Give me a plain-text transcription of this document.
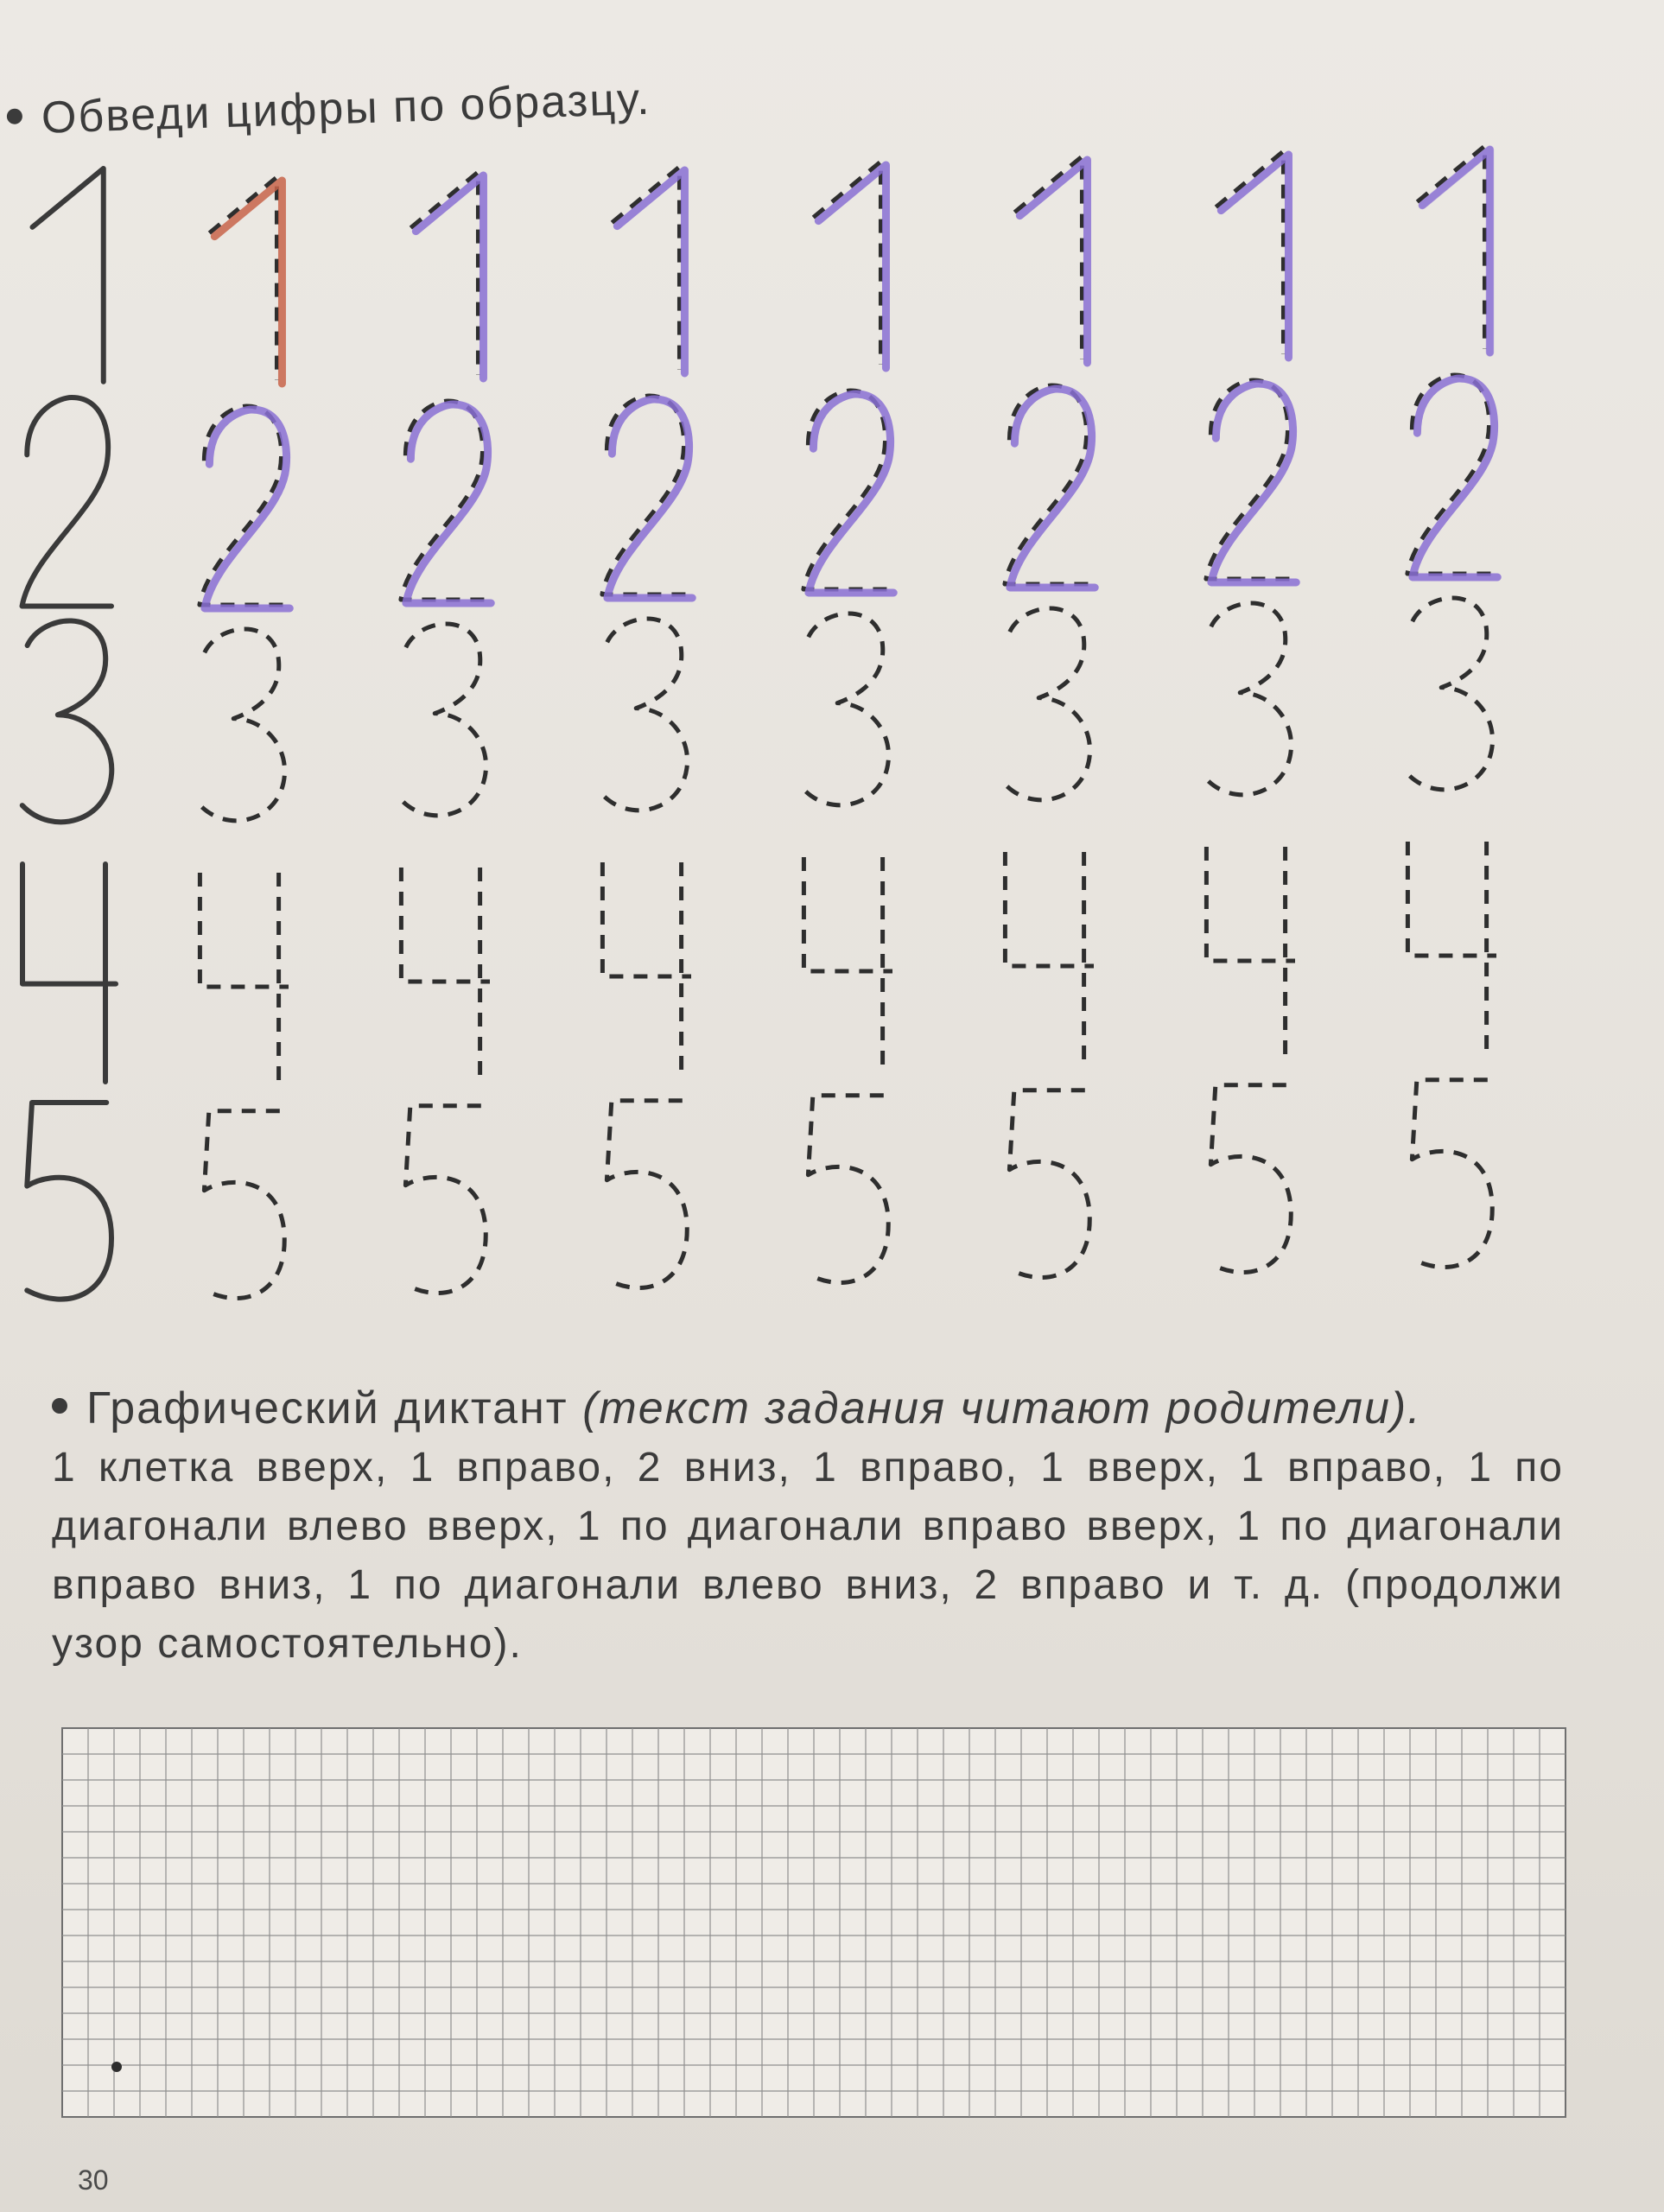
Обведи цифры по образцу.
Графический диктант (текст задания читают родители).
1 клетка вверх, 1 вправо, 2 вниз, 1 вправо, 1 вверх, 1 вправо, 1 по диагонали влево вверх, 1 по диагонали вправо вверх, 1 по диагонали вправо вниз, 1 по диагонали влево вниз, 2 вправо и т. д. (продолжи узор самостоятельно).
30
